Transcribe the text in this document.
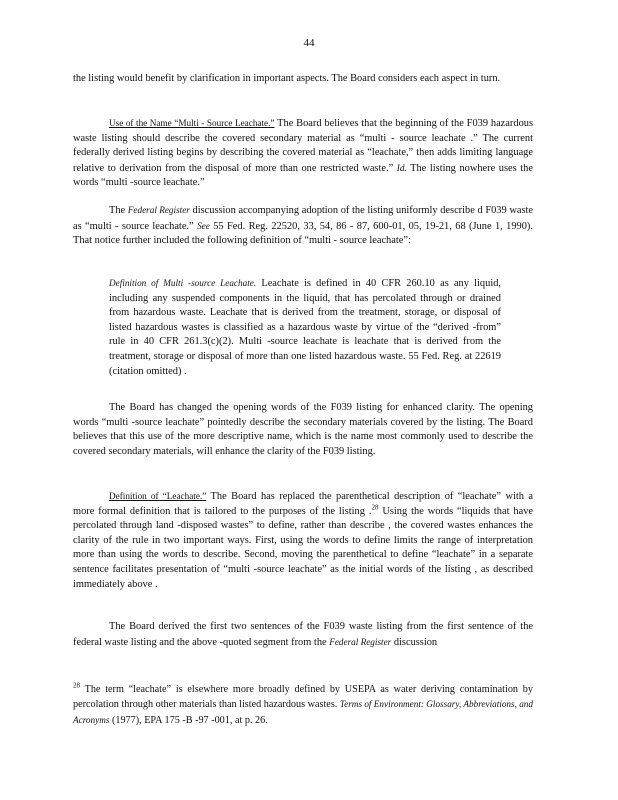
44

the listing would benefit by clarification in important aspects. The Board considers each aspect in turn.

Use of the Name “Multi - Source Leachate.” The Board believes that the beginning of the F039 hazardous waste listing should describe the covered secondary material as “multi - source leachate .” The current federally derived listing begins by describing the covered material as “leachate,” then adds limiting language relative to derivation from the disposal of more than one restricted waste.” Id. The listing nowhere uses the words “multi -source leachate.”

The Federal Register discussion accompanying adoption of the listing uniformly describe d F039 waste as “multi - source leachate.” See 55 Fed. Reg. 22520, 33, 54, 86 - 87, 600-01, 05, 19-21, 68 (June 1, 1990). That notice further included the following definition of “multi - source leachate”:

Definition of Multi -source Leachate. Leachate is defined in 40 CFR 260.10 as any liquid, including any suspended components in the liquid, that has percolated through or drained from hazardous waste. Leachate that is derived from the treatment, storage, or disposal of listed hazardous wastes is classified as a hazardous waste by virtue of the “derived -from” rule in 40 CFR 261.3(c)(2). Multi -source leachate is leachate that is derived from the treatment, storage or disposal of more than one listed hazardous waste. 55 Fed. Reg. at 22619 (citation omitted) .

The Board has changed the opening words of the F039 listing for enhanced clarity. The opening words “multi -source leachate” pointedly describe the secondary materials covered by the listing. The Board believes that this use of the more descriptive name, which is the name most commonly used to describe the covered secondary materials, will enhance the clarity of the F039 listing.

Definition of “Leachate.” The Board has replaced the parenthetical description of “leachate” with a more formal definition that is tailored to the purposes of the listing .$^{28}$ Using the words “liquids that have percolated through land -disposed wastes” to define, rather than describe , the covered wastes enhances the clarity of the rule in two important ways. First, using the words to define limits the range of interpretation more than using the words to describe. Second, moving the parenthetical to define “leachate” in a separate sentence facilitates presentation of “multi -source leachate” as the initial words of the listing , as described immediately above .

The Board derived the first two sentences of the F039 waste listing from the first sentence of the federal waste listing and the above -quoted segment from the Federal Register discussion

$^{28}$ The term “leachate” is elsewhere more broadly defined by USEPA as water deriving contamination by percolation through other materials than listed hazardous wastes. Terms of Environment: Glossary, Abbreviations, and Acronyms (1977), EPA 175 -B -97 -001, at p. 26.
